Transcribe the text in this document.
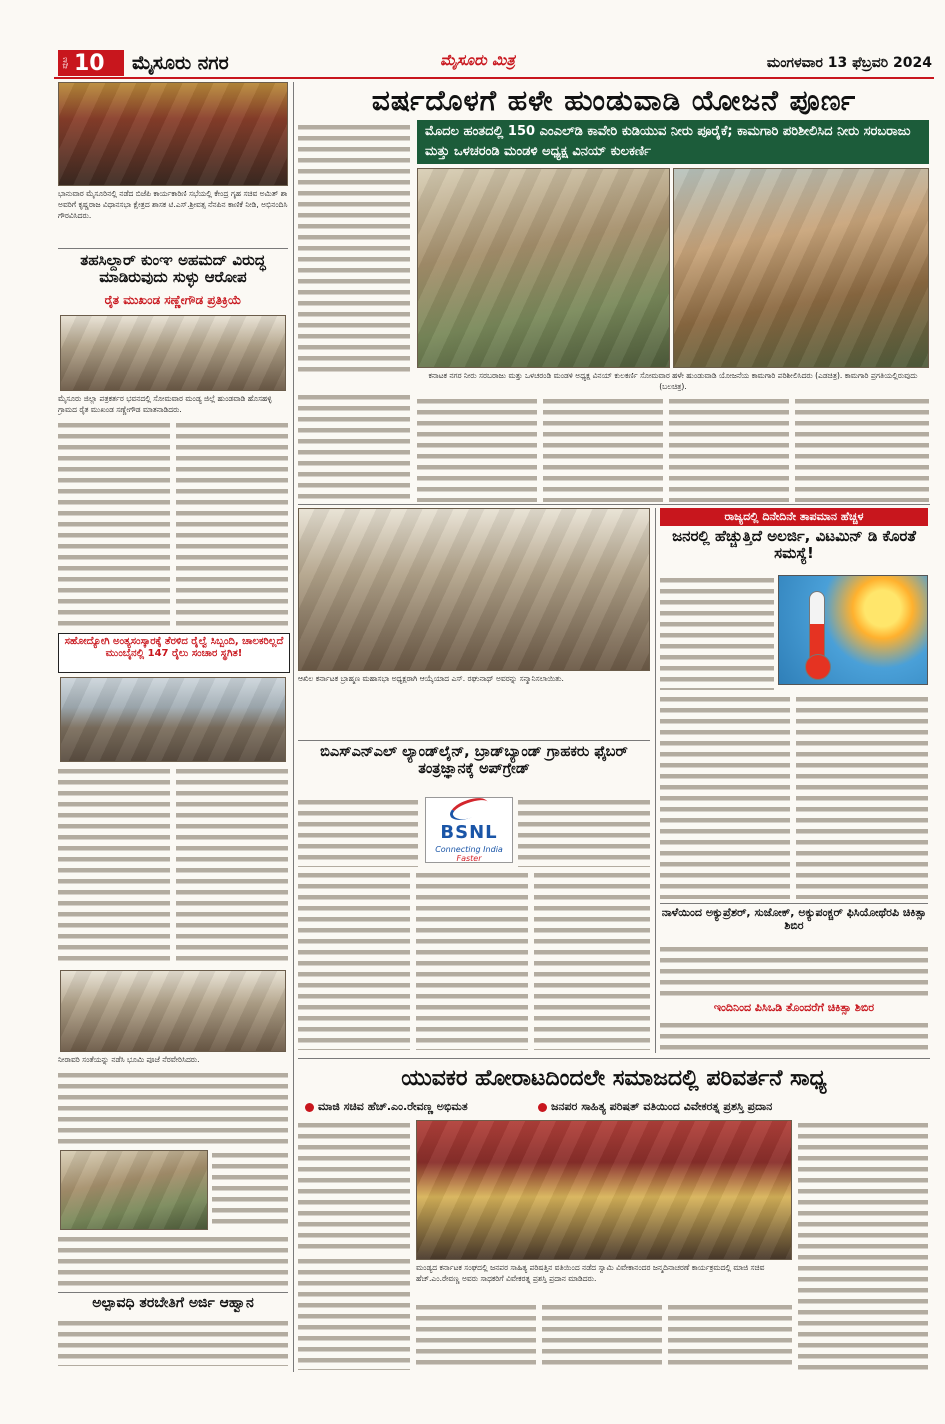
ಪುಟ 10 ಮೈಸೂರು ನಗರ	ಮೈಸೂರು ಮಿತ್ರ	ಮಂಗಳವಾರ 13 ಫೆಬ್ರವರಿ 2024
ಭಾನುವಾರ ಮೈಸೂರಿನಲ್ಲಿ ನಡೆದ ಬಿಜೆಪಿ ಕಾರ್ಯಕಾರಿಣಿ ಸಭೆಯಲ್ಲಿ ಕೇಂದ್ರ ಗೃಹ ಸಚಿವ ಅಮಿತ್ ಶಾ ಅವರಿಗೆ ಕೃಷ್ಣರಾಜ ವಿಧಾನಸಭಾ ಕ್ಷೇತ್ರದ ಶಾಸಕ ಟಿ.ಎಸ್.ಶ್ರೀವತ್ಸ ನೆನಪಿನ ಕಾಣಿಕೆ ನೀಡಿ, ಅಭಿನಂದಿಸಿ ಗೌರವಿಸಿದರು.
ತಹಸಿಲ್ದಾರ್ ಕುಂಞ ಅಹಮದ್ ವಿರುದ್ಧ ಮಾಡಿರುವುದು ಸುಳ್ಳು ಆರೋಪ
ರೈತ ಮುಖಂಡ ಸಣ್ಣೇಗೌಡ ಪ್ರತಿಕ್ರಿಯೆ
ಮೈಸೂರು ಜಿಲ್ಲಾ ಪತ್ರಕರ್ತರ ಭವನದಲ್ಲಿ ಸೋಮವಾರ ಮಂಡ್ಯ ಜಿಲ್ಲೆ ಹುಂಡವಾಡಿ ಹೊಸಹಳ್ಳಿ ಗ್ರಾಮದ ರೈತ ಮುಖಂಡ ಸಣ್ಣೇಗೌಡ ಮಾತನಾಡಿದರು.
ಸಹೋದ್ಯೋಗಿ ಅಂತ್ಯಸಂಸ್ಕಾರಕ್ಕೆ ತೆರಳಿದ ರೈಲ್ವೆ ಸಿಬ್ಬಂದಿ, ಚಾಲಕರಿಲ್ಲದೆ ಮುಂಬೈನಲ್ಲಿ 147 ರೈಲು ಸಂಚಾರ ಸ್ಥಗಿತ!
ನೀರಾವರಿ ಸಂತೆಯನ್ನು ನಡೆಸಿ ಭೂಮಿ ಪೂಜೆ ನೆರವೇರಿಸಿದರು.
ಅಲ್ಪಾವಧಿ ತರಬೇತಿಗೆ ಅರ್ಜಿ ಆಹ್ವಾನ
ವರ್ಷದೊಳಗೆ ಹಳೇ ಹುಂಡುವಾಡಿ ಯೋಜನೆ ಪೂರ್ಣ
ಮೊದಲ ಹಂತದಲ್ಲಿ 150 ಎಂಎಲ್‌ಡಿ ಕಾವೇರಿ ಕುಡಿಯುವ ನೀರು ಪೂರೈಕೆ; ಕಾಮಗಾರಿ ಪರಿಶೀಲಿಸಿದ ನೀರು ಸರಬರಾಜು ಮತ್ತು ಒಳಚರಂಡಿ ಮಂಡಳಿ ಅಧ್ಯಕ್ಷ ವಿನಯ್ ಕುಲಕರ್ಣಿ
ಕನಾಟಕ ನಗರ ನೀರು ಸರಬರಾಜು ಮತ್ತು ಒಳಚರಂಡಿ ಮಂಡಳಿ ಅಧ್ಯಕ್ಷ ವಿನಯ್ ಕುಲಕರ್ಣಿ ಸೋಮವಾರ ಹಳೇ ಹುಂಡುವಾಡಿ ಯೋಜನೆಯ ಕಾಮಗಾರಿ ಪರಿಶೀಲಿಸಿದರು (ಎಡಚಿತ್ರ). ಕಾಮಗಾರಿ ಪ್ರಗತಿಯಲ್ಲಿರುವುದು (ಬಲಚಿತ್ರ).
ಆಖಿಲ ಕರ್ನಾಟಕ ಬ್ರಾಹ್ಮಣ ಮಹಾಸಭಾ ಅಧ್ಯಕ್ಷರಾಗಿ ಆಯ್ಕೆಯಾದ ಎಸ್. ರಘುನಾಥ್ ಅವರನ್ನು ಸನ್ಮಾನಿಸಲಾಯಿತು.
ಬಿಎಸ್‌ಎನ್‌ಎಲ್ ಲ್ಯಾಂಡ್‌ಲೈನ್, ಬ್ರಾಡ್‌ಬ್ಯಾಂಡ್ ಗ್ರಾಹಕರು ಫೈಬರ್ ತಂತ್ರಜ್ಞಾನಕ್ಕೆ ಅಪ್‌ಗ್ರೇಡ್
BSNL
Connecting India
Faster
ರಾಜ್ಯದಲ್ಲಿ ದಿನೇದಿನೇ ತಾಪಮಾನ ಹೆಚ್ಚಳ
ಜನರಲ್ಲಿ ಹೆಚ್ಚುತ್ತಿದೆ ಅಲರ್ಜಿ, ವಿಟಮಿನ್ ಡಿ ಕೊರತೆ ಸಮಸ್ಯೆ!
ನಾಳೆಯಿಂದ ಅಕ್ಯುಪ್ರೆಶರ್, ಸುಜೋಕ್, ಅಕ್ಯುಪಂಕ್ಚರ್ ಫಿಸಿಯೋಥೆರಪಿ ಚಿಕಿತ್ಸಾ ಶಿಬಿರ
ಇಂದಿನಿಂದ ಪಿಸಿಒಡಿ ತೊಂದರೆಗೆ ಚಿಕಿತ್ಸಾ ಶಿಬಿರ
ಯುವಕರ ಹೋರಾಟದಿಂದಲೇ ಸಮಾಜದಲ್ಲಿ ಪರಿವರ್ತನೆ ಸಾಧ್ಯ
ಮಾಜಿ ಸಚಿವ ಹೆಚ್.ಎಂ.ರೇವಣ್ಣ ಅಭಿಮತ	ಜನಪರ ಸಾಹಿತ್ಯ ಪರಿಷತ್ ವತಿಯಿಂದ ವಿವೇಕರತ್ನ ಪ್ರಶಸ್ತಿ ಪ್ರದಾನ
ಮಂಡ್ಯದ ಕರ್ನಾಟಕ ಸಂಘದಲ್ಲಿ ಜನಪರ ಸಾಹಿತ್ಯ ಪರಿಷತ್ತಿನ ವತಿಯಿಂದ ನಡೆದ ಸ್ವಾಮಿ ವಿವೇಕಾನಂದರ ಜನ್ಮದಿನಾಚರಣೆ ಕಾರ್ಯಕ್ರಮದಲ್ಲಿ ಮಾಜಿ ಸಚಿವ ಹೆಚ್.ಎಂ.ರೇವಣ್ಣ ಅವರು ಸಾಧಕರಿಗೆ ವಿವೇಕರತ್ನ ಪ್ರಶಸ್ತಿ ಪ್ರದಾನ ಮಾಡಿದರು.
